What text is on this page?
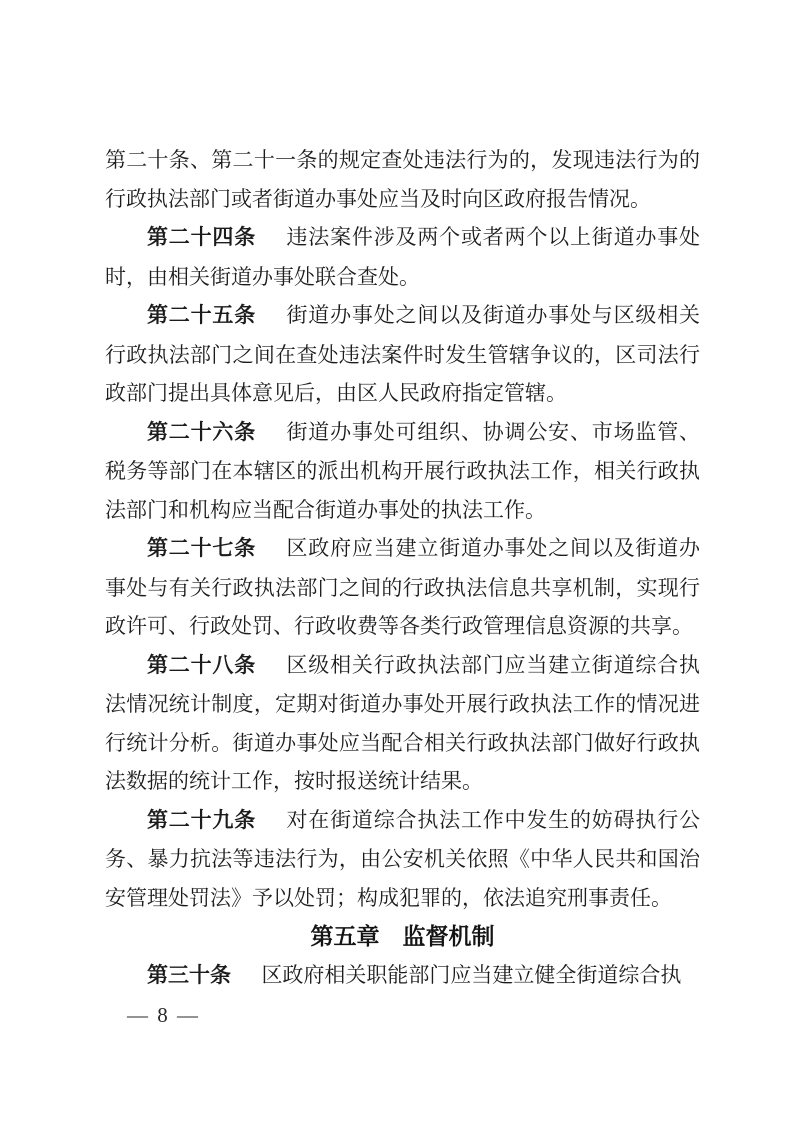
第二十条、第二十一条的规定查处违法行为的，发现违法行为的行政执法部门或者街道办事处应当及时向区政府报告情况。

第二十四条 违法案件涉及两个或者两个以上街道办事处时，由相关街道办事处联合查处。

第二十五条 街道办事处之间以及街道办事处与区级相关行政执法部门之间在查处违法案件时发生管辖争议的，区司法行政部门提出具体意见后，由区人民政府指定管辖。

第二十六条 街道办事处可组织、协调公安、市场监管、税务等部门在本辖区的派出机构开展行政执法工作，相关行政执法部门和机构应当配合街道办事处的执法工作。

第二十七条 区政府应当建立街道办事处之间以及街道办事处与有关行政执法部门之间的行政执法信息共享机制，实现行政许可、行政处罚、行政收费等各类行政管理信息资源的共享。

第二十八条 区级相关行政执法部门应当建立街道综合执法情况统计制度，定期对街道办事处开展行政执法工作的情况进行统计分析。街道办事处应当配合相关行政执法部门做好行政执法数据的统计工作，按时报送统计结果。

第二十九条 对在街道综合执法工作中发生的妨碍执行公务、暴力抗法等违法行为，由公安机关依照《中华人民共和国治安管理处罚法》予以处罚；构成犯罪的，依法追究刑事责任。

第五章　监督机制

第三十条 区政府相关职能部门应当建立健全街道综合执

— 8 —
